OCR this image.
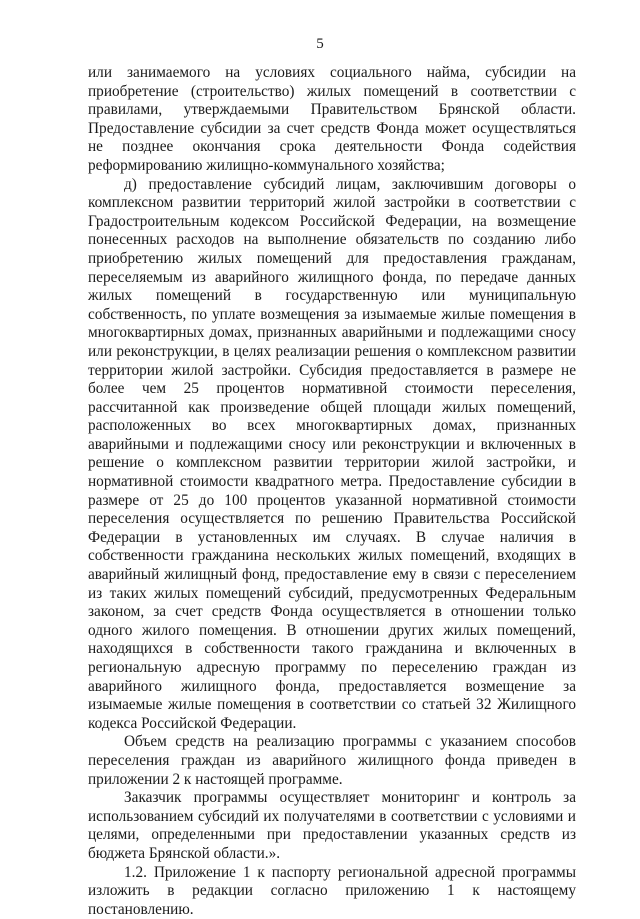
5

или занимаемого на условиях социального найма, субсидии на приобретение (строительство) жилых помещений в соответствии с правилами, утверждаемыми Правительством Брянской области. Предоставление субсидии за счет средств Фонда может осуществляться не позднее окончания срока деятельности Фонда содействия реформированию жилищно-коммунального хозяйства;

д) предоставление субсидий лицам, заключившим договоры о комплексном развитии территорий жилой застройки в соответствии с Градостроительным кодексом Российской Федерации, на возмещение понесенных расходов на выполнение обязательств по созданию либо приобретению жилых помещений для предоставления гражданам, переселяемым из аварийного жилищного фонда, по передаче данных жилых помещений в государственную или муниципальную собственность, по уплате возмещения за изымаемые жилые помещения в многоквартирных домах, признанных аварийными и подлежащими сносу или реконструкции, в целях реализации решения о комплексном развитии территории жилой застройки. Субсидия предоставляется в размере не более чем 25 процентов нормативной стоимости переселения, рассчитанной как произведение общей площади жилых помещений, расположенных во всех многоквартирных домах, признанных аварийными и подлежащими сносу или реконструкции и включенных в решение о комплексном развитии территории жилой застройки, и нормативной стоимости квадратного метра. Предоставление субсидии в размере от 25 до 100 процентов указанной нормативной стоимости переселения осуществляется по решению Правительства Российской Федерации в установленных им случаях. В случае наличия в собственности гражданина нескольких жилых помещений, входящих в аварийный жилищный фонд, предоставление ему в связи с переселением из таких жилых помещений субсидий, предусмотренных Федеральным законом, за счет средств Фонда осуществляется в отношении только одного жилого помещения. В отношении других жилых помещений, находящихся в собственности такого гражданина и включенных в региональную адресную программу по переселению граждан из аварийного жилищного фонда, предоставляется возмещение за изымаемые жилые помещения в соответствии со статьей 32 Жилищного кодекса Российской Федерации.

Объем средств на реализацию программы с указанием способов переселения граждан из аварийного жилищного фонда приведен в приложении 2 к настоящей программе.

Заказчик программы осуществляет мониторинг и контроль за использованием субсидий их получателями в соответствии с условиями и целями, определенными при предоставлении указанных средств из бюджета Брянской области.».

1.2. Приложение 1 к паспорту региональной адресной программы изложить в редакции согласно приложению 1 к настоящему постановлению.
